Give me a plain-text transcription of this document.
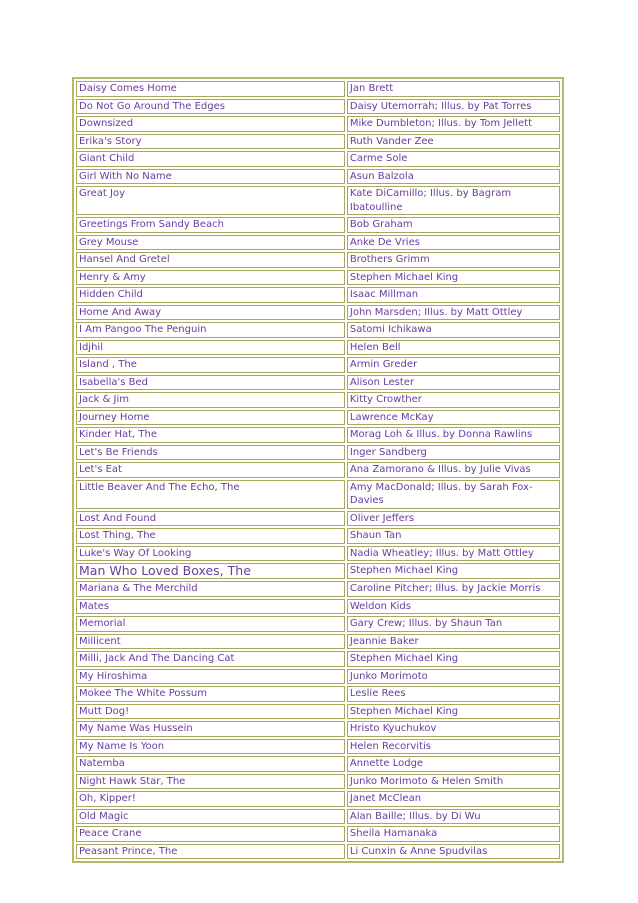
Daisy Comes Home	Jan Brett
Do Not Go Around The Edges	Daisy Utemorrah; Illus. by Pat Torres
Downsized	Mike Dumbleton; Illus. by Tom Jellett
Erika's Story	Ruth Vander Zee
Giant Child	Carme Sole
Girl With No Name	Asun Balzola
Great Joy	Kate DiCamillo; Illus. by Bagram Ibatoulline
Greetings From Sandy Beach	Bob Graham
Grey Mouse	Anke De Vries
Hansel And Gretel	Brothers Grimm
Henry & Amy	Stephen Michael King
Hidden Child	Isaac Millman
Home And Away	John Marsden; Illus. by Matt Ottley
I Am Pangoo The Penguin	Satomi Ichikawa
Idjhil	Helen Bell
Island , The	Armin Greder
Isabella's Bed	Alison Lester
Jack & Jim	Kitty Crowther
Journey Home	Lawrence McKay
Kinder Hat, The	Morag Loh & Illus. by Donna Rawlins
Let's Be Friends	Inger Sandberg
Let's Eat	Ana Zamorano & Illus. by Julie Vivas
Little Beaver And The Echo, The	Amy MacDonald; Illus. by Sarah Fox-Davies
Lost And Found	Oliver Jeffers
Lost Thing, The	Shaun Tan
Luke's Way Of Looking	Nadia Wheatley; Illus. by Matt Ottley
Man Who Loved Boxes, The	Stephen Michael King
Mariana & The Merchild	Caroline Pitcher; Illus. by Jackie Morris
Mates	Weldon Kids
Memorial	Gary Crew; Illus. by Shaun Tan
Millicent	Jeannie Baker
Milli, Jack And The Dancing Cat	Stephen Michael King
My Hiroshima	Junko Morimoto
Mokee The White Possum	Leslie Rees
Mutt Dog!	Stephen Michael King
My Name Was Hussein	Hristo Kyuchukov
My Name Is Yoon	Helen Recorvitis
Natemba	Annette Lodge
Night Hawk Star, The	Junko Morimoto & Helen Smith
Oh, Kipper!	Janet McClean
Old Magic	Alan Baille; Illus. by Di Wu
Peace Crane	Sheila Hamanaka
Peasant Prince, The	Li Cunxin & Anne Spudvilas
